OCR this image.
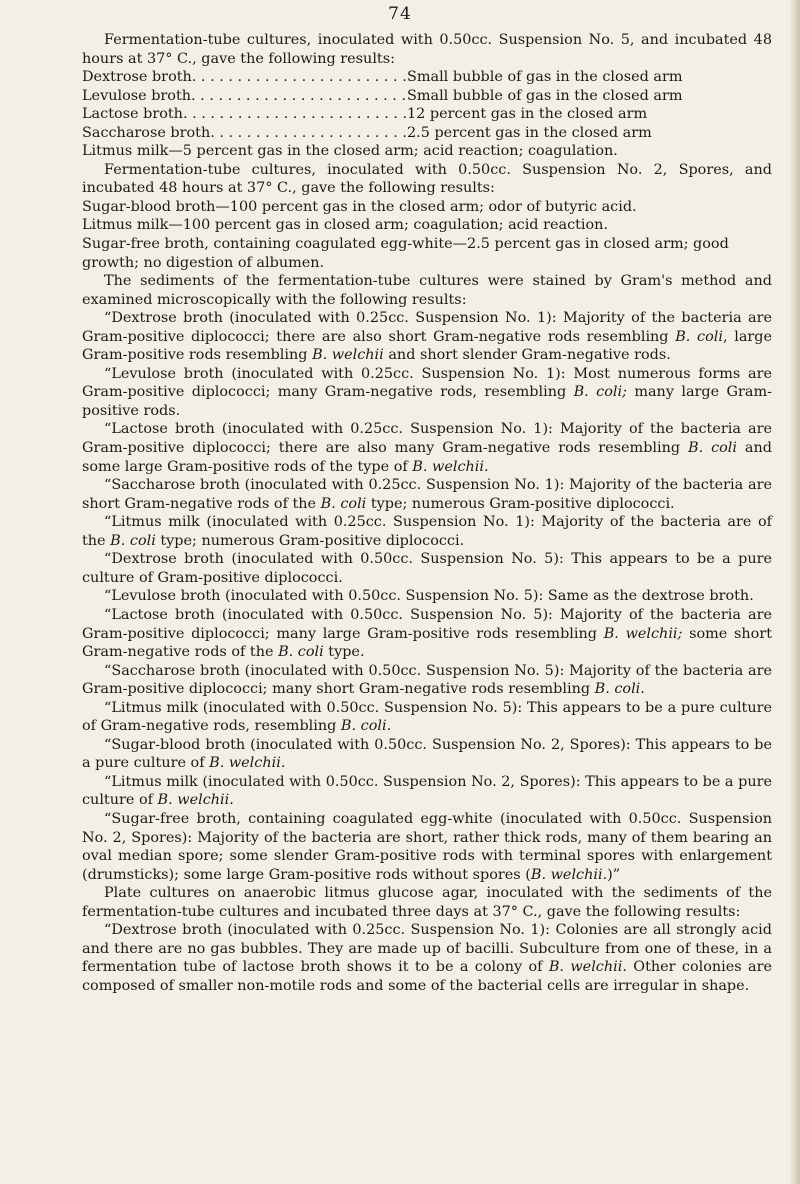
74

Fermentation-tube cultures, inoculated with 0.50cc. Suspension No. 5, and incubated 48 hours at 37° C., gave the following results:

Dextrose broth . . .	Small bubble of gas in the closed arm
Levulose broth . . .	Small bubble of gas in the closed arm
Lactose broth . . .	12 percent gas in the closed arm
Saccharose broth . . .	2.5 percent gas in the closed arm

Litmus milk—5 percent gas in the closed arm; acid reaction; coagulation.

Fermentation-tube cultures, inoculated with 0.50cc. Suspension No. 2, Spores, and incubated 48 hours at 37° C., gave the following results:

Sugar-blood broth—100 percent gas in the closed arm; odor of butyric acid.

Litmus milk—100 percent gas in closed arm; coagulation; acid reaction.

Sugar-free broth, containing coagulated egg-white—2.5 percent gas in closed arm; good growth; no digestion of albumen.

The sediments of the fermentation-tube cultures were stained by Gram's method and examined microscopically with the following results:

“Dextrose broth (inoculated with 0.25cc. Suspension No. 1): Majority of the bacteria are Gram-positive diplococci; there are also short Gram-negative rods resembling B. coli, large Gram-positive rods resembling B. welchii and short slender Gram-negative rods.

“Levulose broth (inoculated with 0.25cc. Suspension No. 1): Most numerous forms are Gram-positive diplococci; many Gram-negative rods, resembling B. coli; many large Gram-positive rods.

“Lactose broth (inoculated with 0.25cc. Suspension No. 1): Majority of the bacteria are Gram-positive diplococci; there are also many Gram-negative rods resembling B. coli and some large Gram-positive rods of the type of B. welchii.

“Saccharose broth (inoculated with 0.25cc. Suspension No. 1): Majority of the bacteria are short Gram-negative rods of the B. coli type; numerous Gram-positive diplococci.

“Litmus milk (inoculated with 0.25cc. Suspension No. 1): Majority of the bacteria are of the B. coli type; numerous Gram-positive diplococci.

“Dextrose broth (inoculated with 0.50cc. Suspension No. 5): This appears to be a pure culture of Gram-positive diplococci.

“Levulose broth (inoculated with 0.50cc. Suspension No. 5): Same as the dextrose broth.

“Lactose broth (inoculated with 0.50cc. Suspension No. 5): Majority of the bacteria are Gram-positive diplococci; many large Gram-positive rods resembling B. welchii; some short Gram-negative rods of the B. coli type.

“Saccharose broth (inoculated with 0.50cc. Suspension No. 5): Majority of the bacteria are Gram-positive diplococci; many short Gram-negative rods resembling B. coli.

“Litmus milk (inoculated with 0.50cc. Suspension No. 5): This appears to be a pure culture of Gram-negative rods, resembling B. coli.

“Sugar-blood broth (inoculated with 0.50cc. Suspension No. 2, Spores): This appears to be a pure culture of B. welchii.

“Litmus milk (inoculated with 0.50cc. Suspension No. 2, Spores): This appears to be a pure culture of B. welchii.

“Sugar-free broth, containing coagulated egg-white (inoculated with 0.50cc. Suspension No. 2, Spores): Majority of the bacteria are short, rather thick rods, many of them bearing an oval median spore; some slender Gram-positive rods with terminal spores with enlargement (drumsticks); some large Gram-positive rods without spores (B. welchii.)”

Plate cultures on anaerobic litmus glucose agar, inoculated with the sediments of the fermentation-tube cultures and incubated three days at 37° C., gave the following results:

“Dextrose broth (inoculated with 0.25cc. Suspension No. 1): Colonies are all strongly acid and there are no gas bubbles. They are made up of bacilli. Subculture from one of these, in a fermentation tube of lactose broth shows it to be a colony of B. welchii. Other colonies are composed of smaller non-motile rods and some of the bacterial cells are irregular in shape.
